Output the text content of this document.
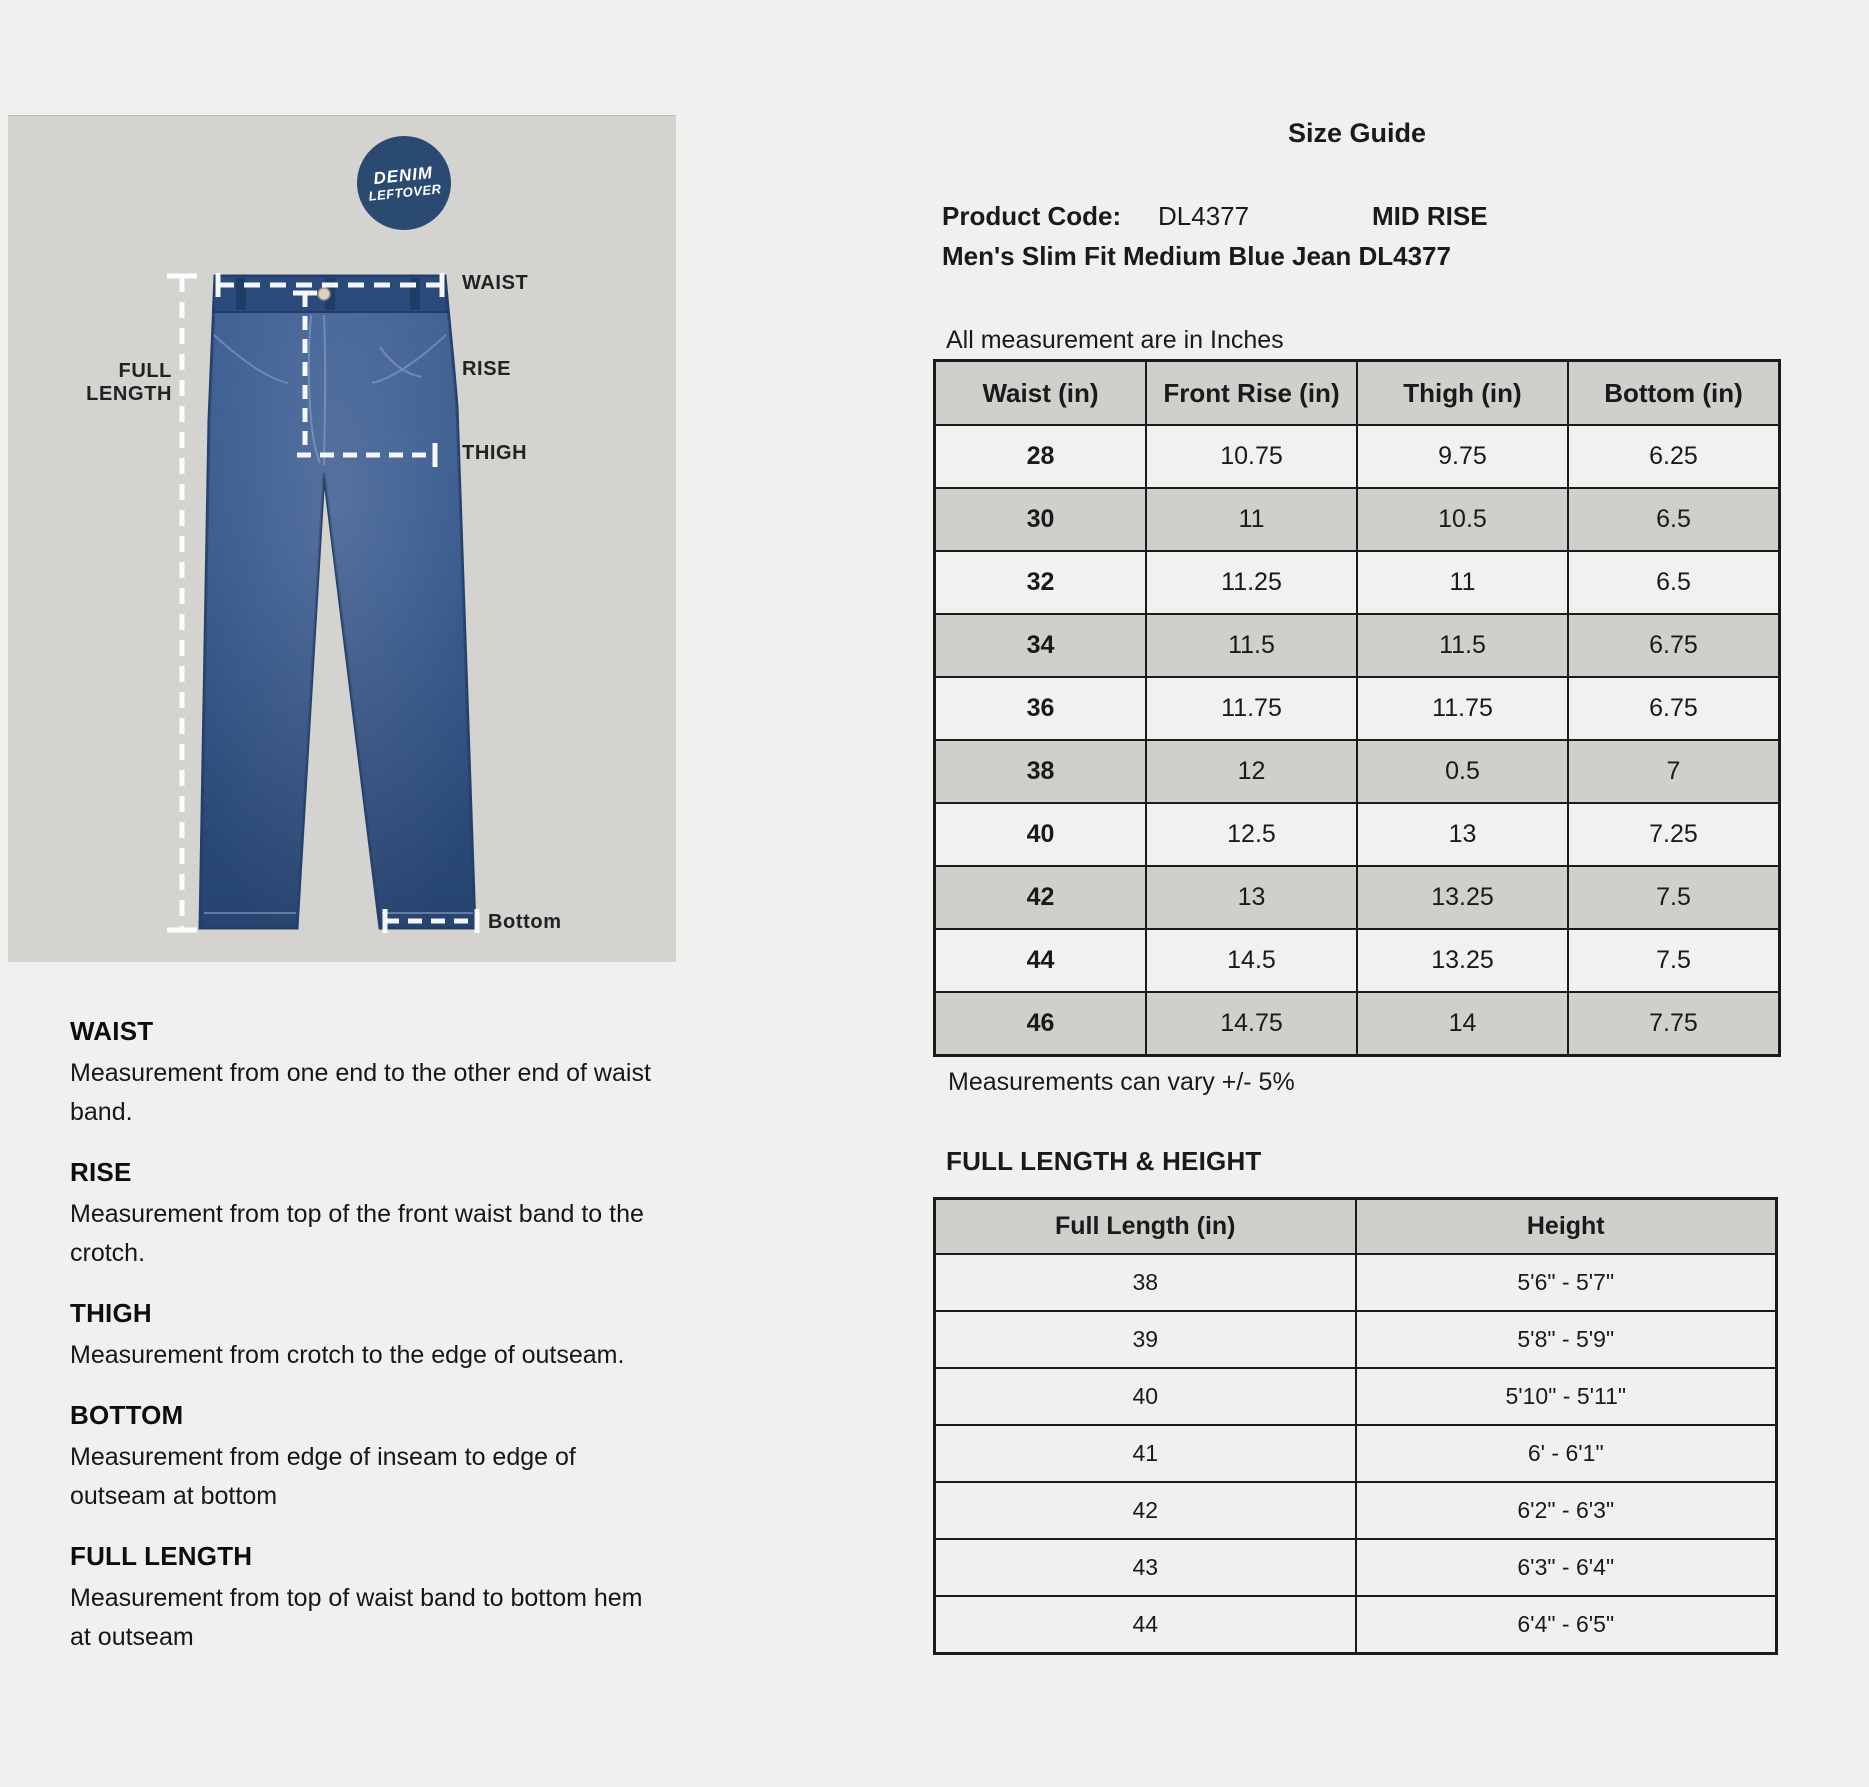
DENIM
LEFTOVER
WAIST
RISE
THIGH
FULL LENGTH
Bottom
WAIST

Measurement from one end to the other end of waist band.

RISE

Measurement from top of the front waist band to the crotch.

THIGH

Measurement from crotch to the edge of outseam.

BOTTOM

Measurement from edge of inseam to edge of outseam at bottom

FULL LENGTH

Measurement from top of waist band to bottom hem at outseam

Size Guide
Product Code: DL4377	MID RISE
Men's Slim Fit Medium Blue Jean DL4377
All measurement are in Inches
Waist (in)	Front Rise (in)	Thigh (in)	Bottom (in)
28	10.75	9.75	6.25
30	11	10.5	6.5
32	11.25	11	6.5
34	11.5	11.5	6.75
36	11.75	11.75	6.75
38	12	0.5	7
40	12.5	13	7.25
42	13	13.25	7.5
44	14.5	13.25	7.5
46	14.75	14	7.75
Measurements can vary +/- 5%
FULL LENGTH & HEIGHT
Full Length (in)	Height
38	5'6" - 5'7"
39	5'8" - 5'9"
40	5'10" - 5'11"
41	6' - 6'1"
42	6'2" - 6'3"
43	6'3" - 6'4"
44	6'4" - 6'5"
